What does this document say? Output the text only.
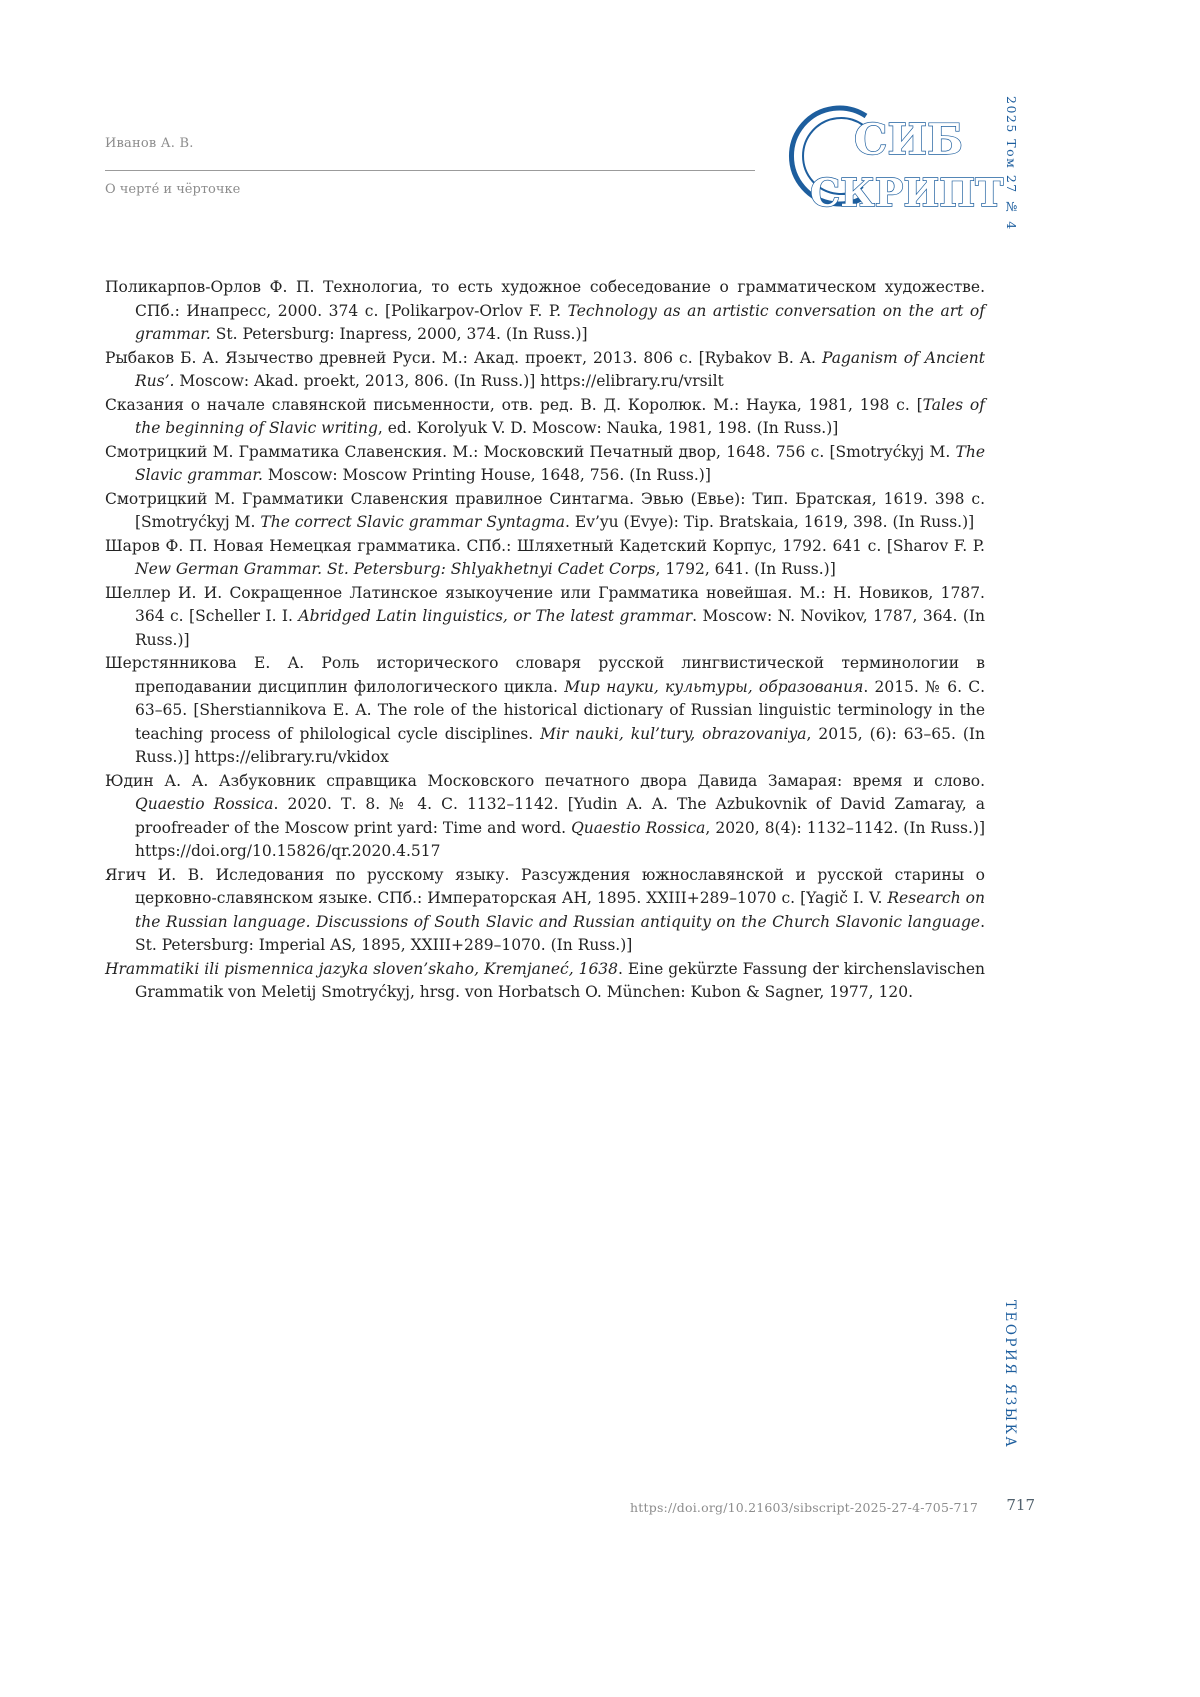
Иванов А. В.
О черте́ и чёрточке
СИБ
СКРИПТ 2025 Том 27 № 4
ТЕОРИЯ ЯЗЫКА

Поликарпов-Орлов Ф. П. Технологиа, то есть художное собеседование о грамматическом художестве. СПб.: Инапресс, 2000. 374 с. [Polikarpov-Orlov F. P. Technology as an artistic conversation on the art of grammar. St. Petersburg: Inapress, 2000, 374. (In Russ.)]

Рыбаков Б. А. Язычество древней Руси. М.: Акад. проект, 2013. 806 с. [Rybakov B. A. Paganism of Ancient Rus’. Moscow: Akad. proekt, 2013, 806. (In Russ.)] https://elibrary.ru/vrsilt

Сказания о начале славянской письменности, отв. ред. В. Д. Королюк. М.: Наука, 1981, 198 с. [Tales of the beginning of Slavic writing, ed. Korolyuk V. D. Moscow: Nauka, 1981, 198. (In Russ.)]

Смотрицкий М. Грамматика Славенския. М.: Московский Печатный двор, 1648. 756 с. [Smotryćkyj M. The Slavic grammar. Moscow: Moscow Printing House, 1648, 756. (In Russ.)]

Смотрицкий М. Грамматики Славенския правилное Синтагма. Эвью (Евье): Тип. Братская, 1619. 398 с. [Smotryćkyj M. The correct Slavic grammar Syntagma. Ev’yu (Evye): Tip. Bratskaia, 1619, 398. (In Russ.)]

Шаров Ф. П. Новая Немецкая грамматика. СПб.: Шляхетный Кадетский Корпус, 1792. 641 с. [Sharov F. P. New German Grammar. St. Petersburg: Shlyakhetnyi Cadet Corps, 1792, 641. (In Russ.)]

Шеллер И. И. Сокращенное Латинское языкоучение или Грамматика новейшая. М.: Н. Новиков, 1787. 364 с. [Scheller I. I. Abridged Latin linguistics, or The latest grammar. Moscow: N. Novikov, 1787, 364. (In Russ.)]

Шерстянникова Е. А. Роль исторического словаря русской лингвистической терминологии в преподавании дисциплин филологического цикла. Мир науки, культуры, образования. 2015. № 6. С. 63–65. [Sherstiannikova E. A. The role of the historical dictionary of Russian linguistic terminology in the teaching process of philological cycle disciplines. Mir nauki, kul’tury, obrazovaniya, 2015, (6): 63–65. (In Russ.)] https://elibrary.ru/vkidox

Юдин А. А. Азбуковник справщика Московского печатного двора Давида Замарая: время и слово. Quaestio Rossica. 2020. Т. 8. № 4. С. 1132–1142. [Yudin A. A. The Azbukovnik of David Zamaray, a proofreader of the Moscow print yard: Time and word. Quaestio Rossica, 2020, 8(4): 1132–1142. (In Russ.)] https://doi.org/10.15826/qr.2020.4.517

Ягич И. В. Иследования по русскому языку. Разсуждения южнославянской и русской старины о церковно-славянском языке. СПб.: Императорская АН, 1895. XXIII+289–1070 с. [Yagič I. V. Research on the Russian language. Discussions of South Slavic and Russian antiquity on the Church Slavonic language. St. Petersburg: Imperial AS, 1895, XXIII+289–1070. (In Russ.)]

Hrammatiki ili pismennica jazyka sloven’skaho, Kremjaneć, 1638. Eine gekürzte Fassung der kirchenslavischen Grammatik von Meletij Smotryćkyj, hrsg. von Horbatsch O. München: Kubon & Sagner, 1977, 120.

https://doi.org/10.21603/sibscript-2025-27-4-705-717 717
